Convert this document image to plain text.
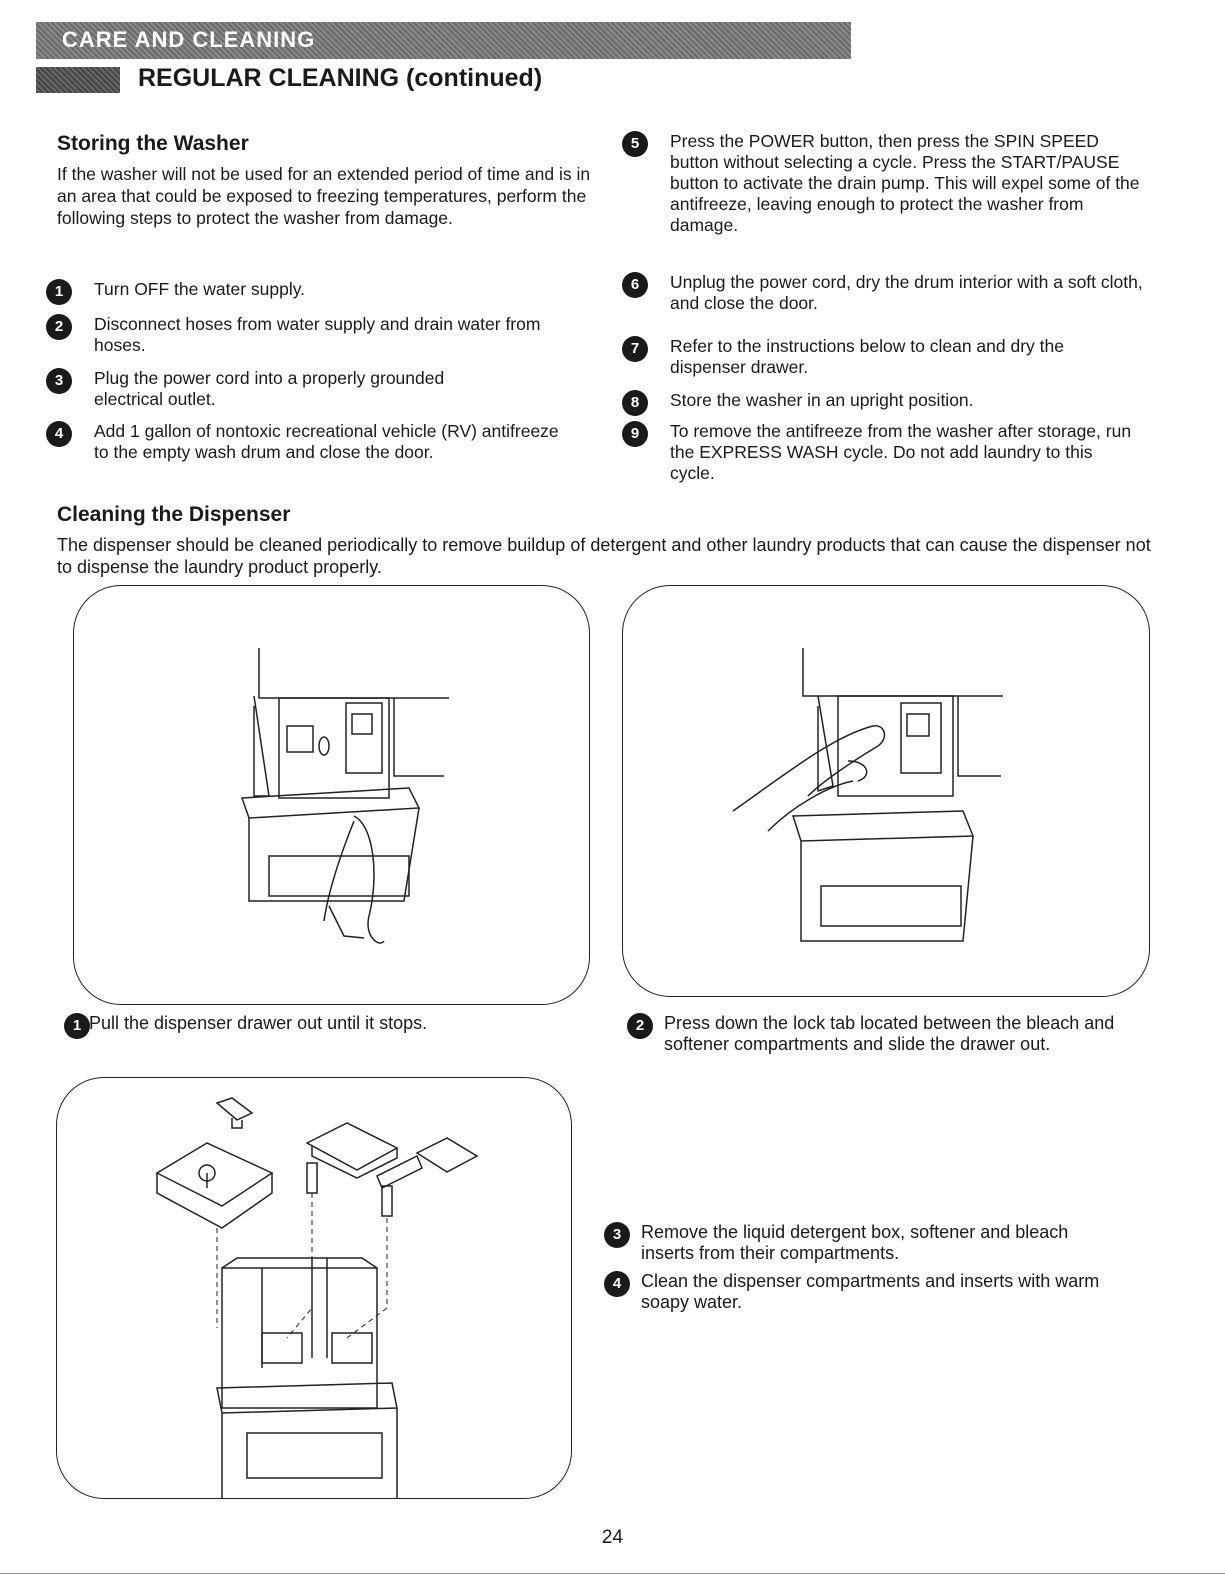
CARE AND CLEANING
REGULAR CLEANING (continued)
Storing the Washer

If the washer will not be used for an extended period of time and is in an area that could be exposed to freezing temperatures, perform the following steps to protect the washer from damage.

1	Turn OFF the water supply.
2	Disconnect hoses from water supply and drain water from hoses.
3	Plug the power cord into a properly grounded electrical outlet.
4	Add 1 gallon of nontoxic recreational vehicle (RV) antifreeze to the empty wash drum and close the door.
5	Press the POWER button, then press the SPIN SPEED button without selecting a cycle. Press the START/PAUSE button to activate the drain pump. This will expel some of the antifreeze, leaving enough to protect the washer from damage.
6	Unplug the power cord, dry the drum interior with a soft cloth, and close the door.
7	Refer to the instructions below to clean and dry the dispenser drawer.
8	Store the washer in an upright position.
9	To remove the antifreeze from the washer after storage, run the EXPRESS WASH cycle. Do not add laundry to this cycle.
Cleaning the Dispenser

The dispenser should be cleaned periodically to remove buildup of detergent and other laundry products that can cause the dispenser not to dispense the laundry product properly.

1 Pull the dispenser drawer out until it stops.	2	Press down the lock tab located between the bleach and softener compartments and slide the drawer out.
3	Remove the liquid detergent box, softener and bleach inserts from their compartments.
4	Clean the dispenser compartments and inserts with warm soapy water.
24
